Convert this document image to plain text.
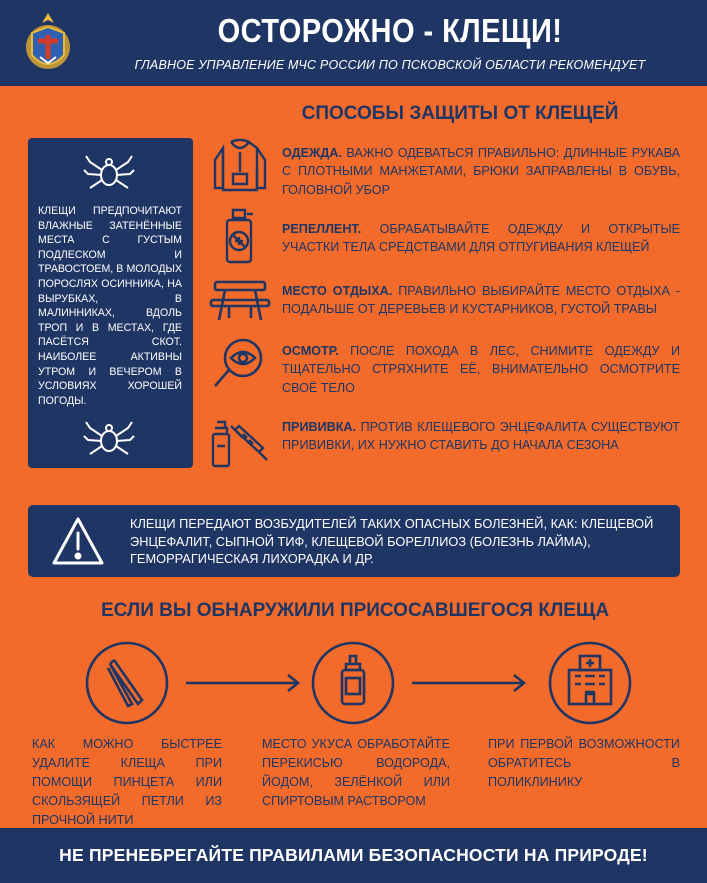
ОСТОРОЖНО - КЛЕЩИ!
ГЛАВНОЕ УПРАВЛЕНИЕ МЧС РОССИИ ПО ПСКОВСКОЙ ОБЛАСТИ РЕКОМЕНДУЕТ
СПОСОБЫ ЗАЩИТЫ ОТ КЛЕЩЕЙ
КЛЕЩИ ПРЕДПОЧИТАЮТ ВЛАЖНЫЕ ЗАТЕНЁННЫЕ МЕСТА С ГУСТЫМ ПОДЛЕСКОМ И ТРАВОСТОЕМ, В МОЛОДЫХ ПОРОСЛЯХ ОСИННИКА, НА ВЫРУБКАХ, В МАЛИННИКАХ, ВДОЛЬ ТРОП И В МЕСТАХ, ГДЕ ПАСЁТСЯ СКОТ. НАИБОЛЕЕ АКТИВНЫ УТРОМ И ВЕЧЕРОМ В УСЛОВИЯХ ХОРОШЕЙ ПОГОДЫ.
ОДЕЖДА. ВАЖНО ОДЕВАТЬСЯ ПРАВИЛЬНО: ДЛИННЫЕ РУКАВА С ПЛОТНЫМИ МАНЖЕТАМИ, БРЮКИ ЗАПРАВЛЕНЫ В ОБУВЬ, ГОЛОВНОЙ УБОР
РЕПЕЛЛЕНТ. ОБРАБАТЫВАЙТЕ ОДЕЖДУ И ОТКРЫТЫЕ УЧАСТКИ ТЕЛА СРЕДСТВАМИ ДЛЯ ОТПУГИВАНИЯ КЛЕЩЕЙ
МЕСТО ОТДЫХА. ПРАВИЛЬНО ВЫБИРАЙТЕ МЕСТО ОТДЫХА - ПОДАЛЬШЕ ОТ ДЕРЕВЬЕВ И КУСТАРНИКОВ, ГУСТОЙ ТРАВЫ
ОСМОТР. ПОСЛЕ ПОХОДА В ЛЕС, СНИМИТЕ ОДЕЖДУ И ТЩАТЕЛЬНО СТРЯХНИТЕ ЕЁ, ВНИМАТЕЛЬНО ОСМОТРИТЕ СВОЁ ТЕЛО
ПРИВИВКА. ПРОТИВ КЛЕЩЕВОГО ЭНЦЕФАЛИТА СУЩЕСТВУЮТ ПРИВИВКИ, ИХ НУЖНО СТАВИТЬ ДО НАЧАЛА СЕЗОНА
КЛЕЩИ ПЕРЕДАЮТ ВОЗБУДИТЕЛЕЙ ТАКИХ ОПАСНЫХ БОЛЕЗНЕЙ, КАК: КЛЕЩЕВОЙ ЭНЦЕФАЛИТ, СЫПНОЙ ТИФ, КЛЕЩЕВОЙ БОРЕЛЛИОЗ (БОЛЕЗНЬ ЛАЙМА), ГЕМОРРАГИЧЕСКАЯ ЛИХОРАДКА И ДР.
ЕСЛИ ВЫ ОБНАРУЖИЛИ ПРИСОСАВШЕГОСЯ КЛЕЩА
КАК МОЖНО БЫСТРЕЕ УДАЛИТЕ КЛЕЩА ПРИ ПОМОЩИ ПИНЦЕТА ИЛИ СКОЛЬЗЯЩЕЙ ПЕТЛИ ИЗ ПРОЧНОЙ НИТИ
МЕСТО УКУСА ОБРАБОТАЙТЕ ПЕРЕКИСЬЮ ВОДОРОДА, ЙОДОМ, ЗЕЛЁНКОЙ ИЛИ СПИРТОВЫМ РАСТВОРОМ
ПРИ ПЕРВОЙ ВОЗМОЖНОСТИ ОБРАТИТЕСЬ В ПОЛИКЛИНИКУ
НЕ ПРЕНЕБРЕГАЙТЕ ПРАВИЛАМИ БЕЗОПАСНОСТИ НА ПРИРОДЕ!
